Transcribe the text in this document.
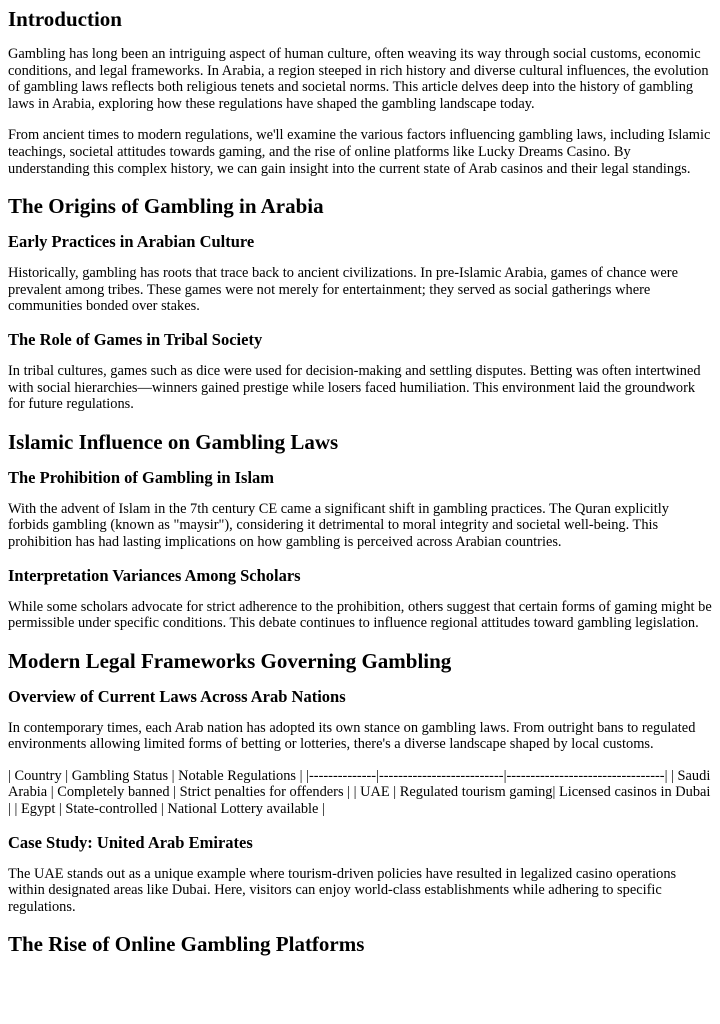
Introduction

Gambling has long been an intriguing aspect of human culture, often weaving its way through social customs, economic conditions, and legal frameworks. In Arabia, a region steeped in rich history and diverse cultural influences, the evolution of gambling laws reflects both religious tenets and societal norms. This article delves deep into the history of gambling laws in Arabia, exploring how these regulations have shaped the gambling landscape today.

From ancient times to modern regulations, we'll examine the various factors influencing gambling laws, including Islamic teachings, societal attitudes towards gaming, and the rise of online platforms like Lucky Dreams Casino. By understanding this complex history, we can gain insight into the current state of Arab casinos and their legal standings.

The Origins of Gambling in Arabia
Early Practices in Arabian Culture

Historically, gambling has roots that trace back to ancient civilizations. In pre-Islamic Arabia, games of chance were prevalent among tribes. These games were not merely for entertainment; they served as social gatherings where communities bonded over stakes.

The Role of Games in Tribal Society

In tribal cultures, games such as dice were used for decision-making and settling disputes. Betting was often intertwined with social hierarchies—winners gained prestige while losers faced humiliation. This environment laid the groundwork for future regulations.

Islamic Influence on Gambling Laws
The Prohibition of Gambling in Islam

With the advent of Islam in the 7th century CE came a significant shift in gambling practices. The Quran explicitly forbids gambling (known as "maysir"), considering it detrimental to moral integrity and societal well-being. This prohibition has had lasting implications on how gambling is perceived across Arabian countries.

Interpretation Variances Among Scholars

While some scholars advocate for strict adherence to the prohibition, others suggest that certain forms of gaming might be permissible under specific conditions. This debate continues to influence regional attitudes toward gambling legislation.

Modern Legal Frameworks Governing Gambling
Overview of Current Laws Across Arab Nations

In contemporary times, each Arab nation has adopted its own stance on gambling laws. From outright bans to regulated environments allowing limited forms of betting or lotteries, there's a diverse landscape shaped by local customs.

| Country | Gambling Status | Notable Regulations | |--------------|--------------------------|---------------------------------| | Saudi Arabia | Completely banned | Strict penalties for offenders | | UAE | Regulated tourism gaming| Licensed casinos in Dubai | | Egypt | State-controlled | National Lottery available |

Case Study: United Arab Emirates

The UAE stands out as a unique example where tourism-driven policies have resulted in legalized casino operations within designated areas like Dubai. Here, visitors can enjoy world-class establishments while adhering to specific regulations.

The Rise of Online Gambling Platforms
